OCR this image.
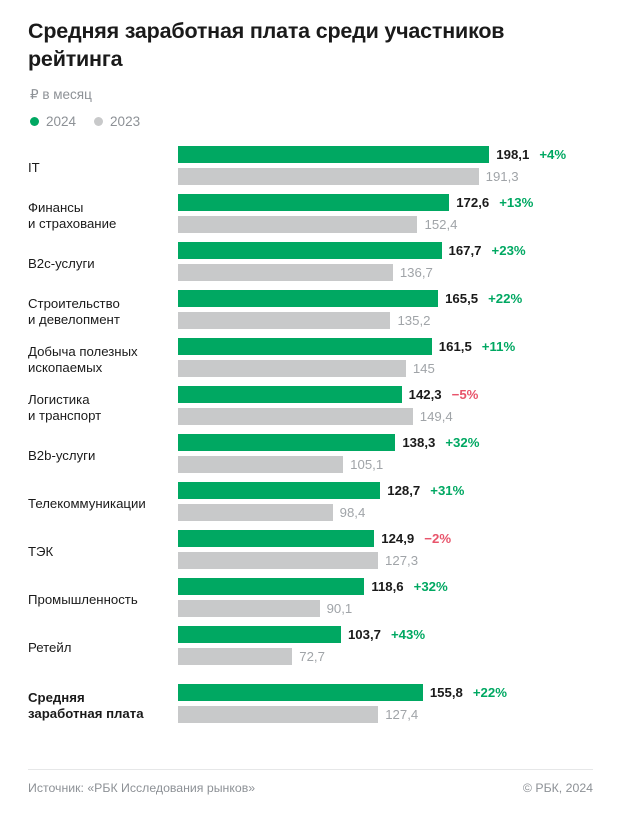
Средняя заработная плата среди участников рейтинга
₽ в месяц
2024	2023
IT
198,1 +4%
191,3
Финансы
и страхование
172,6 +13%
152,4
B2c-услуги
167,7 +23%
136,7
Строительство
и девелопмент
165,5 +22%
135,2
Добыча полезных
ископаемых
161,5 +11%
145
Логистика
и транспорт
142,3 −5%
149,4
B2b-услуги
138,3 +32%
105,1
Телекоммуникации
128,7 +31%
98,4
ТЭК
124,9 −2%
127,3
Промышленность
118,6 +32%
90,1
Ретейл
103,7 +43%
72,7
Средняя
заработная плата
155,8 +22%
127,4
Источник: «РБК Исследования рынков»	© РБК, 2024
